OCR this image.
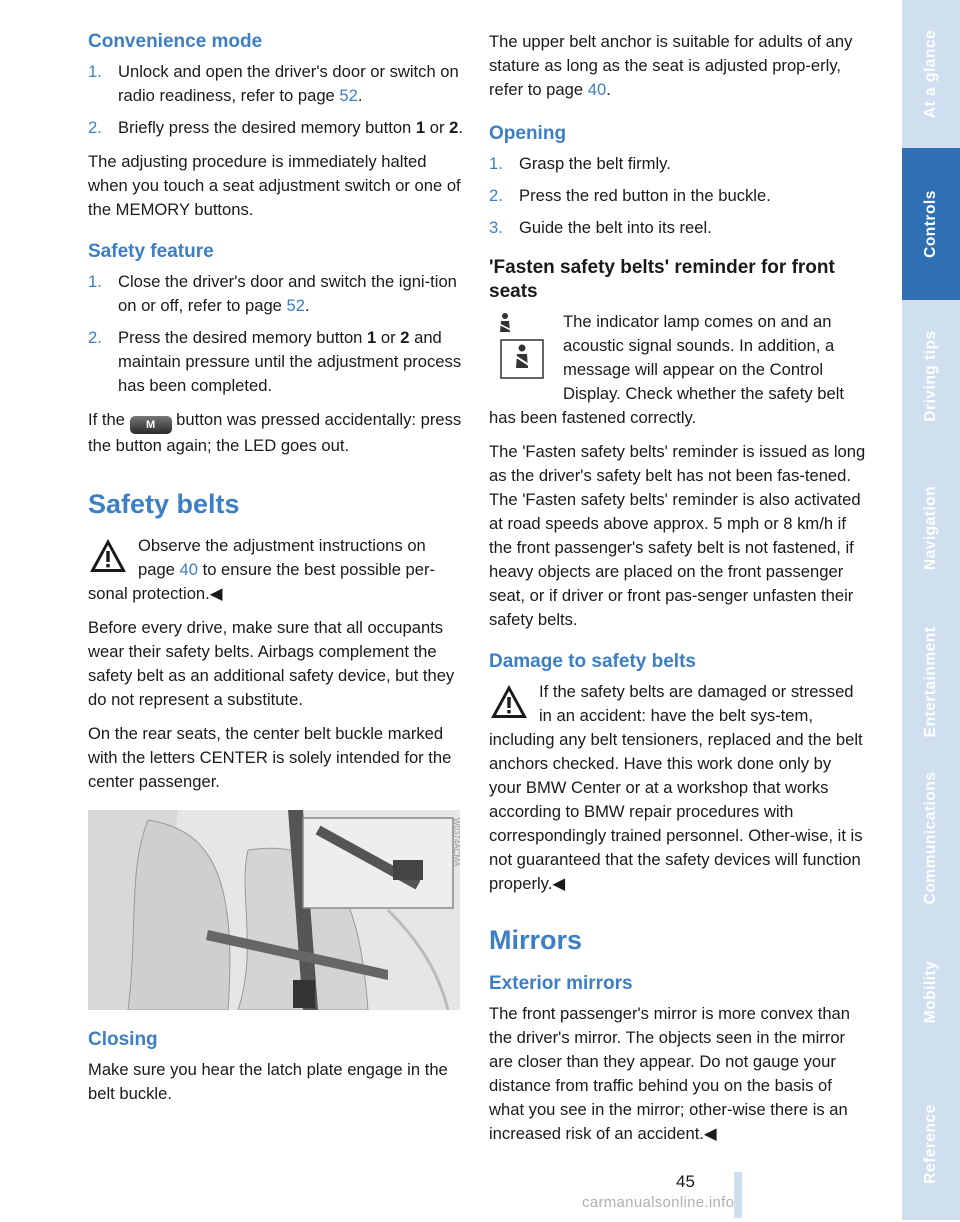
Convenience mode
1. Unlock and open the driver's door or switch on radio readiness, refer to page 52.
2. Briefly press the desired memory button 1 or 2.

The adjusting procedure is immediately halted when you touch a seat adjustment switch or one of the MEMORY buttons.

Safety feature
1. Close the driver's door and switch the igni-tion on or off, refer to page 52.
2. Press the desired memory button 1 or 2 and maintain pressure until the adjustment process has been completed.

If the M button was pressed accidentally: press the button again; the LED goes out.

Safety belts

Observe the adjustment instructions on page 40 to ensure the best possible per-sonal protection.◀

Before every drive, make sure that all occupants wear their safety belts. Airbags complement the safety belt as an additional safety device, but they do not represent a substitute.

On the rear seats, the center belt buckle marked with the letters CENTER is solely intended for the center passenger.

W0374ACMA
Closing

Make sure you hear the latch plate engage in the belt buckle.

The upper belt anchor is suitable for adults of any stature as long as the seat is adjusted prop-erly, refer to page 40.

Opening
1. Grasp the belt firmly.
2. Press the red button in the buckle.
3. Guide the belt into its reel.
'Fasten safety belts' reminder for front seats

The indicator lamp comes on and an acoustic signal sounds. In addition, a message will appear on the Control Display. Check whether the safety belt has been fastened correctly.

The 'Fasten safety belts' reminder is issued as long as the driver's safety belt has not been fas-tened. The 'Fasten safety belts' reminder is also activated at road speeds above approx. 5 mph or 8 km/h if the front passenger's safety belt is not fastened, if heavy objects are placed on the front passenger seat, or if driver or front pas-senger unfasten their safety belts.

Damage to safety belts

If the safety belts are damaged or stressed in an accident: have the belt sys-tem, including any belt tensioners, replaced and the belt anchors checked. Have this work done only by your BMW Center or at a workshop that works according to BMW repair procedures with correspondingly trained personnel. Other-wise, it is not guaranteed that the safety devices will function properly.◀

Mirrors
Exterior mirrors

The front passenger's mirror is more convex than the driver's mirror. The objects seen in the mirror are closer than they appear. Do not gauge your distance from traffic behind you on the basis of what you see in the mirror; other-wise there is an increased risk of an accident.◀

At a glance
Controls
Driving tips
Navigation
Entertainment
Communications
Mobility
Reference
45
carmanualsonline.info
